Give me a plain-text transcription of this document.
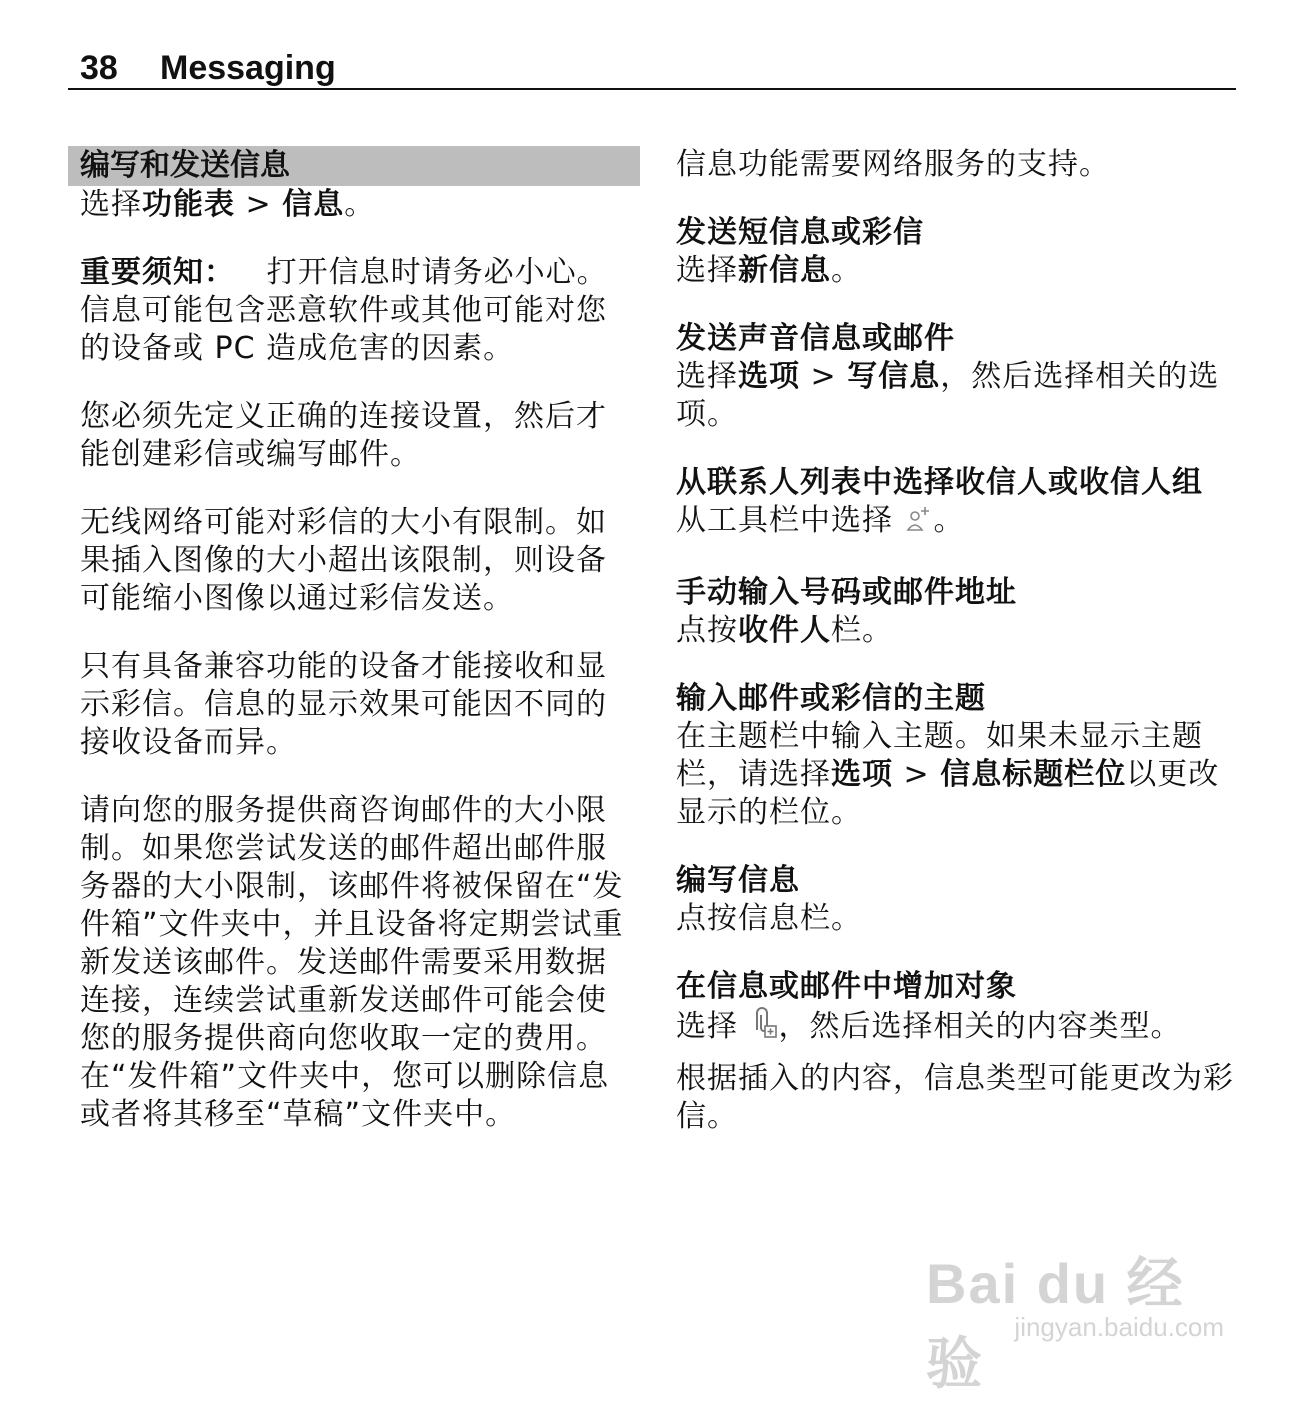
38 Messaging
编写和发送信息

选择功能表 > 信息。

重要须知： 打开信息时请务必小心。信息可能包含恶意软件或其他可能对您的设备或 PC 造成危害的因素。

您必须先定义正确的连接设置，然后才能创建彩信或编写邮件。

无线网络可能对彩信的大小有限制。如果插入图像的大小超出该限制，则设备可能缩小图像以通过彩信发送。

只有具备兼容功能的设备才能接收和显示彩信。信息的显示效果可能因不同的接收设备而异。

请向您的服务提供商咨询邮件的大小限制。如果您尝试发送的邮件超出邮件服务器的大小限制，该邮件将被保留在“发件箱”文件夹中，并且设备将定期尝试重新发送该邮件。发送邮件需要采用数据连接，连续尝试重新发送邮件可能会使您的服务提供商向您收取一定的费用。在“发件箱”文件夹中，您可以删除信息或者将其移至“草稿”文件夹中。

信息功能需要网络服务的支持。

发送短信息或彩信

选择新信息。

发送声音信息或邮件

选择选项 > 写信息，然后选择相关的选项。

从联系人列表中选择收信人或收信人组

从工具栏中选择 。

手动输入号码或邮件地址

点按收件人栏。

输入邮件或彩信的主题

在主题栏中输入主题。如果未显示主题栏，请选择选项 > 信息标题栏位以更改显示的栏位。

编写信息

点按信息栏。

在信息或邮件中增加对象

选择 ，然后选择相关的内容类型。

根据插入的内容，信息类型可能更改为彩信。

Bai du 经验
jingyan.baidu.com
